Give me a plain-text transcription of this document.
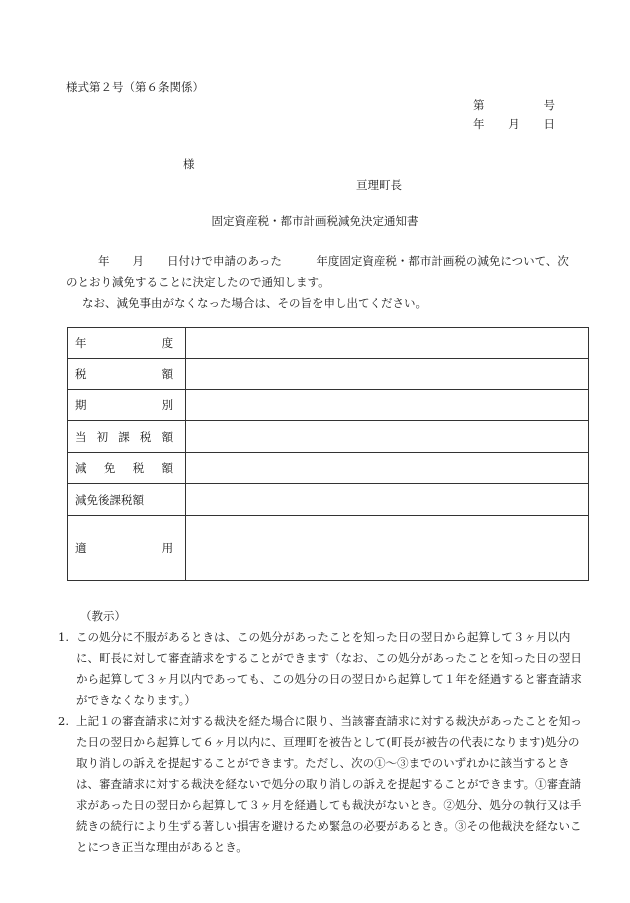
様式第２号（第６条関係）
第	号
年 月 日
様
亘理町長
固定資産税・都市計画税減免決定通知書

年　　月　　日付けで申請のあった　　　年度固定資産税・都市計画税の減免について、次のとおり減免することに決定したので通知します。

なお、減免事由がなくなった場合は、その旨を申し出てください。

年 度	

税 額	

期 別	

当 初 課 税 額	

減 免 税 額	

減免後課税額	

適 用	

（教示）

1. この処分に不服があるときは、この処分があったことを知った日の翌日から起算して３ヶ月以内に、町長に対して審査請求をすることができます（なお、この処分があったことを知った日の翌日から起算して３ヶ月以内であっても、この処分の日の翌日から起算して１年を経過すると審査請求ができなくなります。）

2. 上記１の審査請求に対する裁決を経た場合に限り、当該審査請求に対する裁決があったことを知った日の翌日から起算して６ヶ月以内に、亘理町を被告として(町長が被告の代表になります)処分の取り消しの訴えを提起することができます。ただし、次の①～③までのいずれかに該当するときは、審査請求に対する裁決を経ないで処分の取り消しの訴えを提起することができます。①審査請求があった日の翌日から起算して３ヶ月を経過しても裁決がないとき。②処分、処分の執行又は手続きの続行により生ずる著しい損害を避けるため緊急の必要があるとき。③その他裁決を経ないことにつき正当な理由があるとき。
